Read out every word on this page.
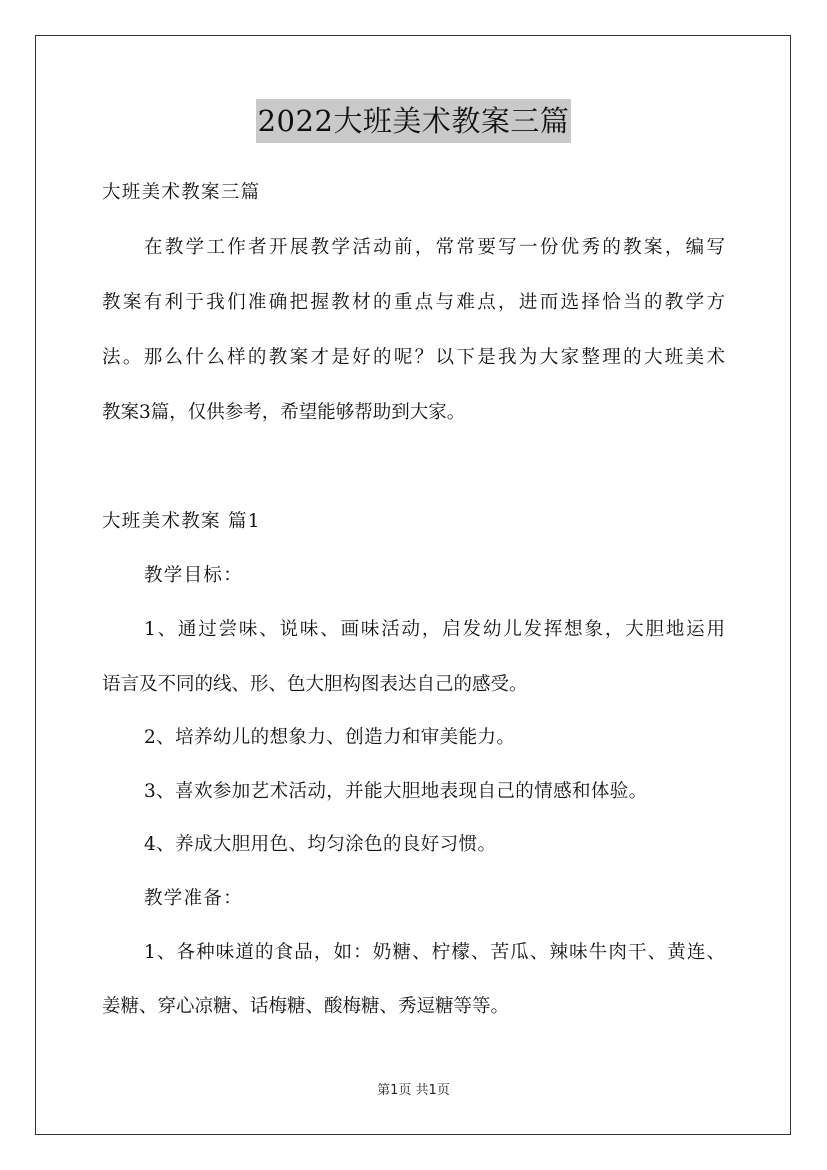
2022大班美术教案三篇
大班美术教案三篇
在教学工作者开展教学活动前，常常要写一份优秀的教案，编写
教案有利于我们准确把握教材的重点与难点，进而选择恰当的教学方
法。那么什么样的教案才是好的呢？以下是我为大家整理的大班美术
教案3篇，仅供参考，希望能够帮助到大家。
大班美术教案 篇1
教学目标：
1、通过尝味、说味、画味活动，启发幼儿发挥想象，大胆地运用
语言及不同的线、形、色大胆构图表达自己的感受。
2、培养幼儿的想象力、创造力和审美能力。
3、喜欢参加艺术活动，并能大胆地表现自己的情感和体验。
4、养成大胆用色、均匀涂色的良好习惯。
教学准备：
1、各种味道的食品，如：奶糖、柠檬、苦瓜、辣味牛肉干、黄连、
姜糖、穿心凉糖、话梅糖、酸梅糖、秀逗糖等等。
第1页 共1页
